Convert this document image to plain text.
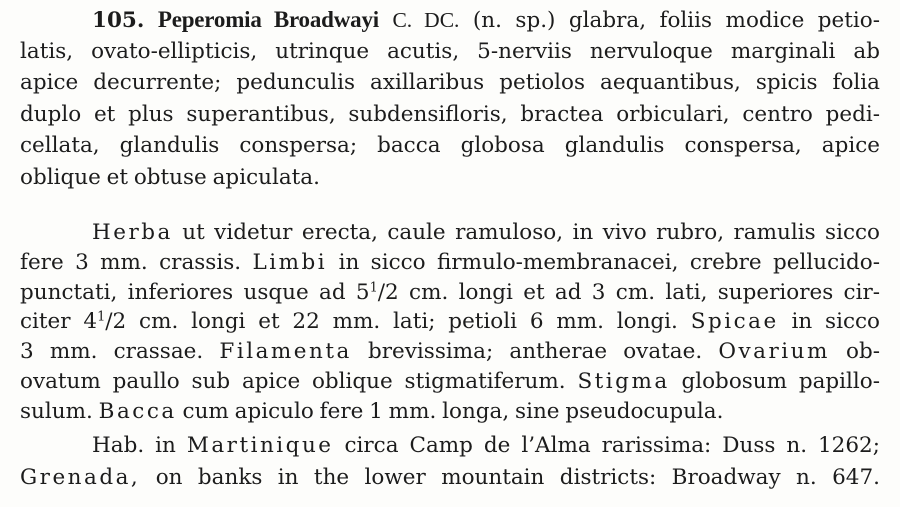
105. Peperomia Broadwayi C. DC. (n. sp.) glabra, foliis modice petio-
latis, ovato-ellipticis, utrinque acutis, 5-nerviis nervuloque marginali ab
apice decurrente; pedunculis axillaribus petiolos aequantibus, spicis folia
duplo et plus superantibus, subdensifloris, bractea orbiculari, centro pedi-
cellata, glandulis conspersa; bacca globosa glandulis conspersa, apice
oblique et obtuse apiculata.
Herba ut videtur erecta, caule ramuloso, in vivo rubro, ramulis sicco
fere 3 mm. crassis. Limbi in sicco firmulo-membranacei, crebre pellucido-
punctati, inferiores usque ad $5^1/2$ cm. longi et ad 3 cm. lati, superiores cir-
citer $4^1/2$ cm. longi et 22 mm. lati; petioli 6 mm. longi. Spicae in sicco
3 mm. crassae. Filamenta brevissima; antherae ovatae. Ovarium ob-
ovatum paullo sub apice oblique stigmatiferum. Stigma globosum papillo-
sulum. Bacca cum apiculo fere 1 mm. longa, sine pseudocupula.
Hab. in Martinique circa Camp de l’Alma rarissima: Duss n. 1262;
Grenada, on banks in the lower mountain districts: Broadway n. 647.
